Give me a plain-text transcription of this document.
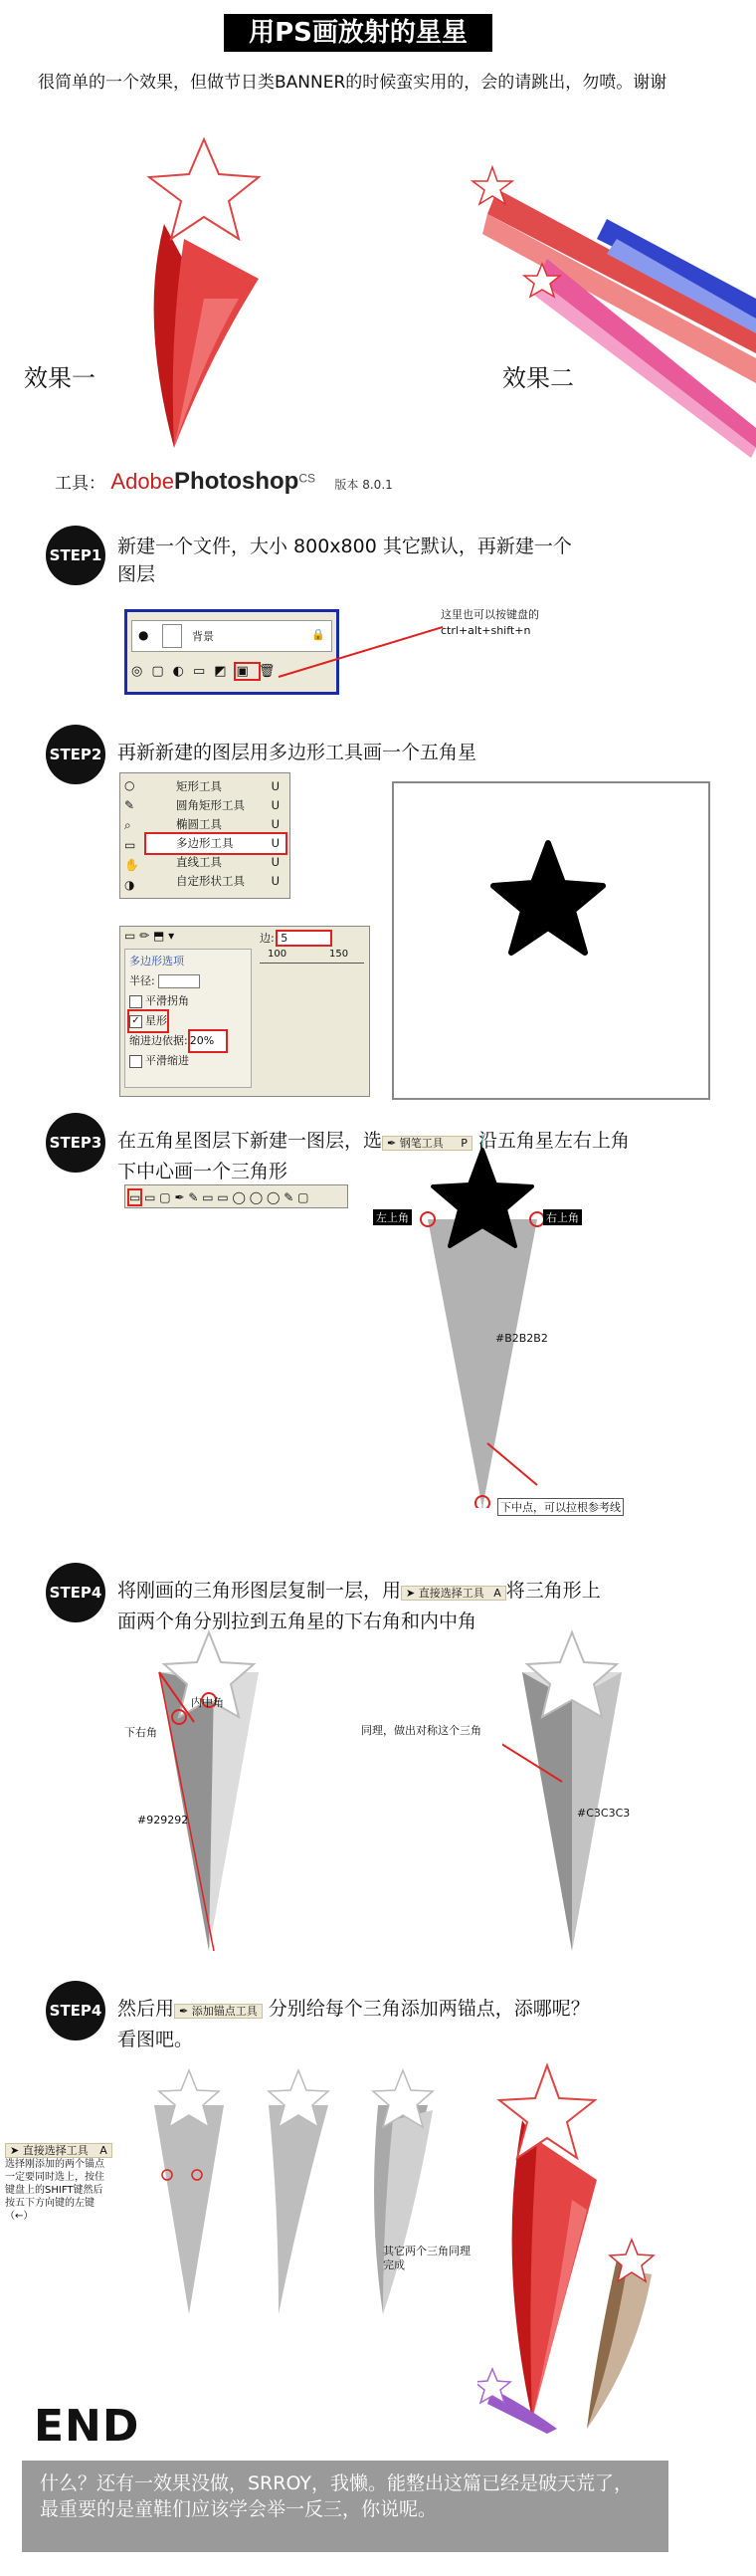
用PS画放射的星星
很简单的一个效果，但做节日类BANNER的时候蛮实用的，会的请跳出，勿喷。谢谢
效果一	效果二
工具： AdobePhotoshop$^{CS}$ 版本 8.0.1
STEP1 新建一个文件，大小 800x800 其它默认，再新建一个
图层
●	背景	🔒
◎▢◐▭◩▣🗑
这里也可以按键盘的
ctrl+alt+shift+n
STEP2 再新新建的图层用多边形工具画一个五角星
○
✎
⌕
▭
✋
◑
矩形工具	U
圆角矩形工具 U
椭圆工具	U
多边形工具	U
直线工具	U
自定形状工具 U
▭ ✏ ⬒ ▾	边: 5
100	150
多边形选项
半径:
平滑拐角
✓ 星形
缩进边依据: 20%
平滑缩进
STEP3 在五角星图层下新建一图层，选 ✒ 钢笔工具 P 沿五角星左右上角
下中心画一个三角形
▭ ▭ ▢ ✒ ✎ ▭ ▭ ◯ ◯ ◯ ✎ ▢
左上角	右上角
#B2B2B2
下中点，可以拉根参考线
STEP4 将刚画的三角形图层复制一层，用 ➤ 直接选择工具 A 将三角形上
面两个角分别拉到五角星的下右角和内中角
内中角
下右角
#929292
同理，做出对称这个三角
#C3C3C3
STEP4 然后用 ✒ 添加锚点工具 分别给每个三角添加两锚点，添哪呢？
看图吧。
➤ 直接选择工具 A
选择刚添加的两个锚点
一定要同时选上，按住
键盘上的SHIFT键然后
按五下方向键的左键
（←）
其它两个三角同理
完成
END
什么？还有一效果没做，SRROY，我懒。能整出这篇已经是破天荒了，
最重要的是童鞋们应该学会举一反三，你说呢。
